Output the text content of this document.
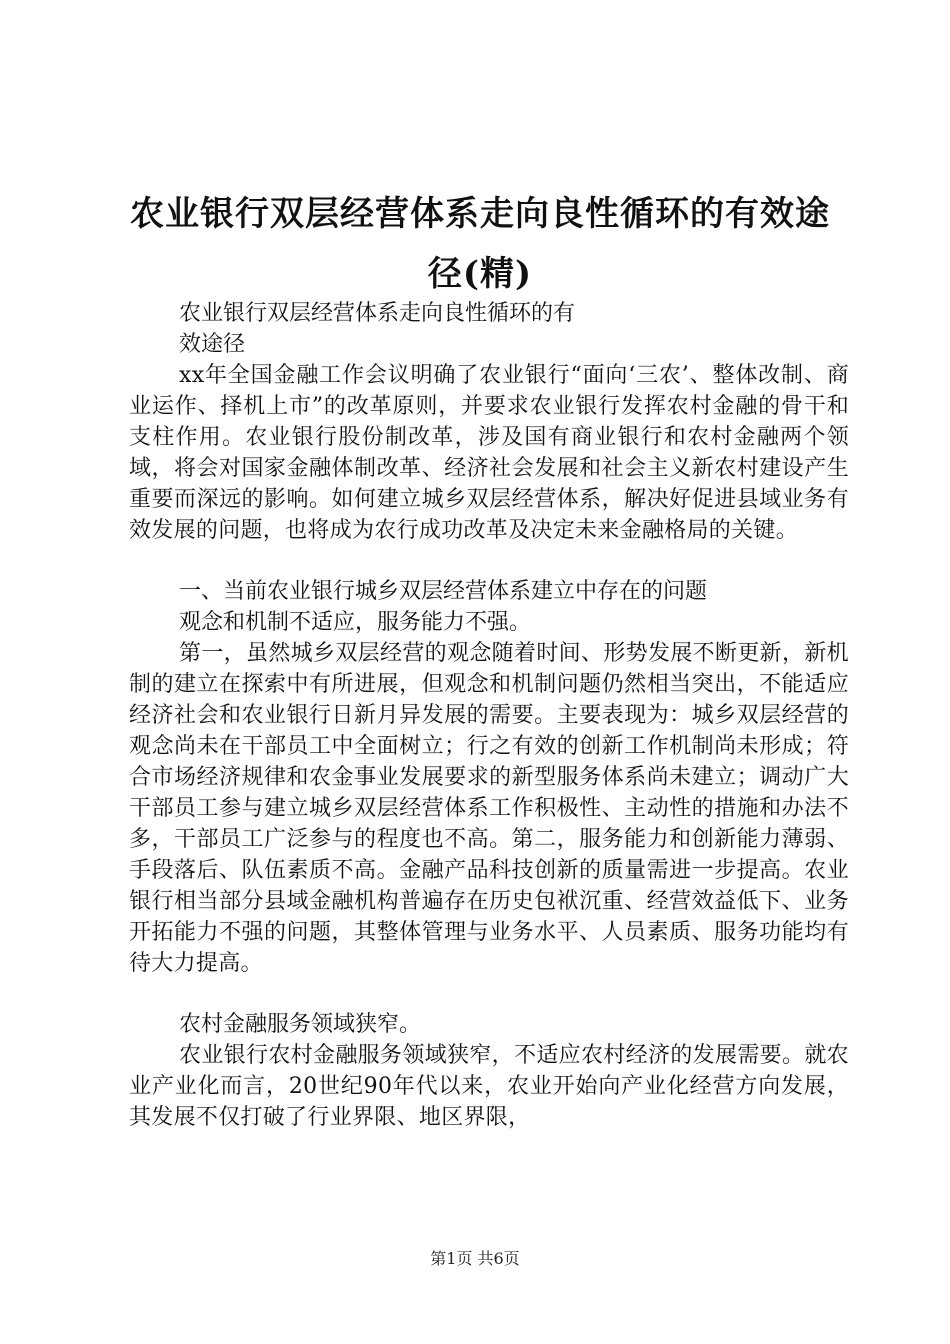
农业银行双层经营体系走向良性循环的有效途
径(精)

农业银行双层经营体系走向良性循环的有

效途径

xx年全国金融工作会议明确了农业银行“面向‘三农’、整体改制、商业运作、择机上市”的改革原则，并要求农业银行发挥农村金融的骨干和支柱作用。农业银行股份制改革，涉及国有商业银行和农村金融两个领域，将会对国家金融体制改革、经济社会发展和社会主义新农村建设产生重要而深远的影响。如何建立城乡双层经营体系，解决好促进县域业务有效发展的问题，也将成为农行成功改革及决定未来金融格局的关键。

一、当前农业银行城乡双层经营体系建立中存在的问题

观念和机制不适应，服务能力不强。

第一，虽然城乡双层经营的观念随着时间、形势发展不断更新，新机制的建立在探索中有所进展，但观念和机制问题仍然相当突出，不能适应经济社会和农业银行日新月异发展的需要。主要表现为：城乡双层经营的观念尚未在干部员工中全面树立；行之有效的创新工作机制尚未形成；符合市场经济规律和农金事业发展要求的新型服务体系尚未建立；调动广大干部员工参与建立城乡双层经营体系工作积极性、主动性的措施和办法不多，干部员工广泛参与的程度也不高。第二，服务能力和创新能力薄弱、手段落后、队伍素质不高。金融产品科技创新的质量需进一步提高。农业银行相当部分县域金融机构普遍存在历史包袱沉重、经营效益低下、业务开拓能力不强的问题，其整体管理与业务水平、人员素质、服务功能均有待大力提高。

农村金融服务领域狭窄。

农业银行农村金融服务领域狭窄，不适应农村经济的发展需要。就农业产业化而言，20世纪90年代以来，农业开始向产业化经营方向发展，其发展不仅打破了行业界限、地区界限，

第1页 共6页
